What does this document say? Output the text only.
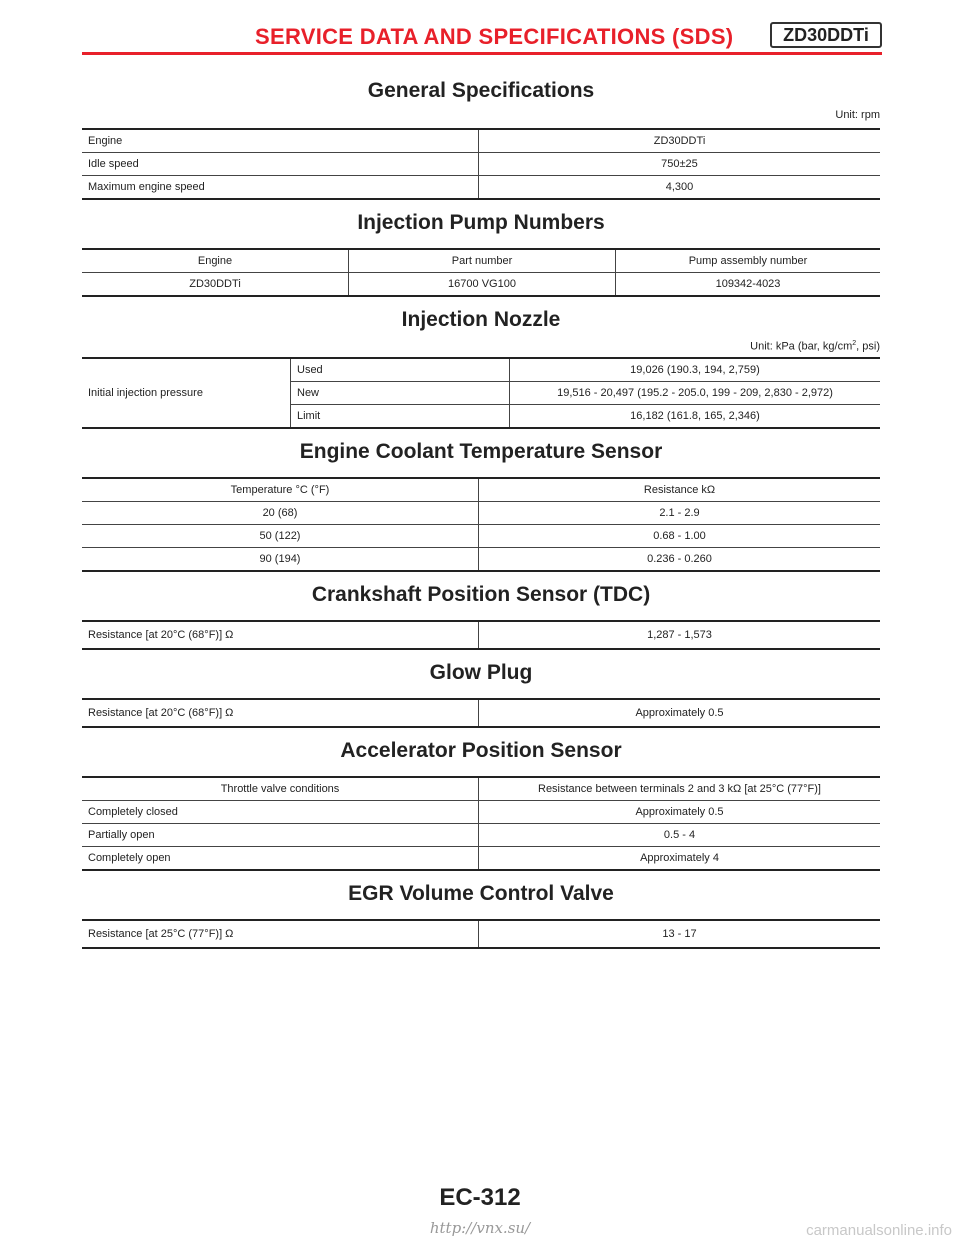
SERVICE DATA AND SPECIFICATIONS (SDS)	ZD30DDTi
General Specifications
Unit: rpm
Engine	ZD30DDTi
Idle speed	750±25
Maximum engine speed	4,300
Injection Pump Numbers
Engine	Part number	Pump assembly number
ZD30DDTi	16700 VG100	109342-4023
Injection Nozzle
Unit: kPa (bar, $kg/cm^2$, psi)
Initial injection pressure	Used	19,026 (190.3, 194, 2,759)
	New	19,516 - 20,497 (195.2 - 205.0, 199 - 209, 2,830 - 2,972)
	Limit	16,182 (161.8, 165, 2,346)
Engine Coolant Temperature Sensor
Temperature °C (°F)	Resistance kΩ
20 (68)	2.1 - 2.9
50 (122)	0.68 - 1.00
90 (194)	0.236 - 0.260
Crankshaft Position Sensor (TDC)
Resistance [at 20°C (68°F)] Ω	1,287 - 1,573
Glow Plug
Resistance [at 20°C (68°F)] Ω	Approximately 0.5
Accelerator Position Sensor
Throttle valve conditions	Resistance between terminals 2 and 3 kΩ [at 25°C (77°F)]
Completely closed	Approximately 0.5
Partially open	0.5 - 4
Completely open	Approximately 4
EGR Volume Control Valve
Resistance [at 25°C (77°F)] Ω	13 - 17
EC-312
http://vnx.su/	carmanualsonline.info
